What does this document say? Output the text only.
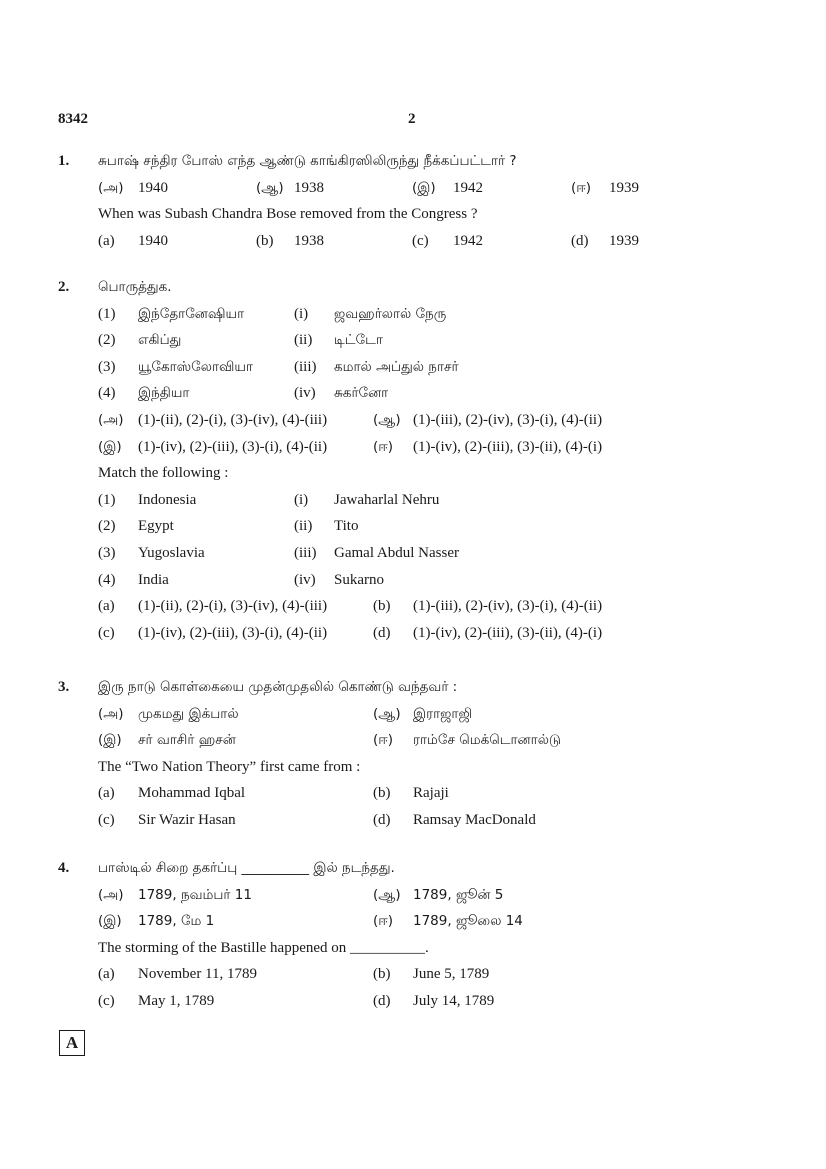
8342	2
1. சுபாஷ் சந்திர போஸ் எந்த ஆண்டு காங்கிரஸிலிருந்து நீக்கப்பட்டார் ?
(அ) 1940	(ஆ) 1938	(இ) 1942	(ஈ) 1939
When was Subash Chandra Bose removed from the Congress ?
(a) 1940	(b) 1938	(c) 1942	(d) 1939
2. பொருத்துக.
(1) இந்தோனேஷியா	(i) ஜவஹர்லால் நேரு
(2) எகிப்து	(ii) டிட்டோ
(3) யூகோஸ்லோவியா	(iii) கமால் அப்துல் நாசர்
(4) இந்தியா	(iv) சுகர்னோ
(அ) (1)-(ii), (2)-(i), (3)-(iv), (4)-(iii)	(ஆ) (1)-(iii), (2)-(iv), (3)-(i), (4)-(ii)
(இ) (1)-(iv), (2)-(iii), (3)-(i), (4)-(ii)	(ஈ) (1)-(iv), (2)-(iii), (3)-(ii), (4)-(i)
Match the following :
(1) Indonesia	(i) Jawaharlal Nehru
(2) Egypt	(ii) Tito
(3) Yugoslavia	(iii) Gamal Abdul Nasser
(4) India	(iv) Sukarno
(a) (1)-(ii), (2)-(i), (3)-(iv), (4)-(iii)	(b) (1)-(iii), (2)-(iv), (3)-(i), (4)-(ii)
(c) (1)-(iv), (2)-(iii), (3)-(i), (4)-(ii)	(d) (1)-(iv), (2)-(iii), (3)-(ii), (4)-(i)
3. இரு நாடு கொள்கையை முதன்முதலில் கொண்டு வந்தவர் :
(அ) முகமது இக்பால்	(ஆ) இராஜாஜி
(இ) சர் வாசிர் ஹசன்	(ஈ) ராம்சே மெக்டொனால்டு
The “Two Nation Theory” first came from :
(a) Mohammad Iqbal	(b) Rajaji
(c) Sir Wazir Hasan	(d) Ramsay MacDonald
4. பாஸ்டில் சிறை தகர்ப்பு __________ இல் நடந்தது.
(அ) 1789, நவம்பர் 11	(ஆ) 1789, ஜூன் 5
(இ) 1789, மே 1	(ஈ) 1789, ஜூலை 14
The storming of the Bastille happened on __________.
(a) November 11, 1789	(b) June 5, 1789
(c) May 1, 1789	(d) July 14, 1789
A
